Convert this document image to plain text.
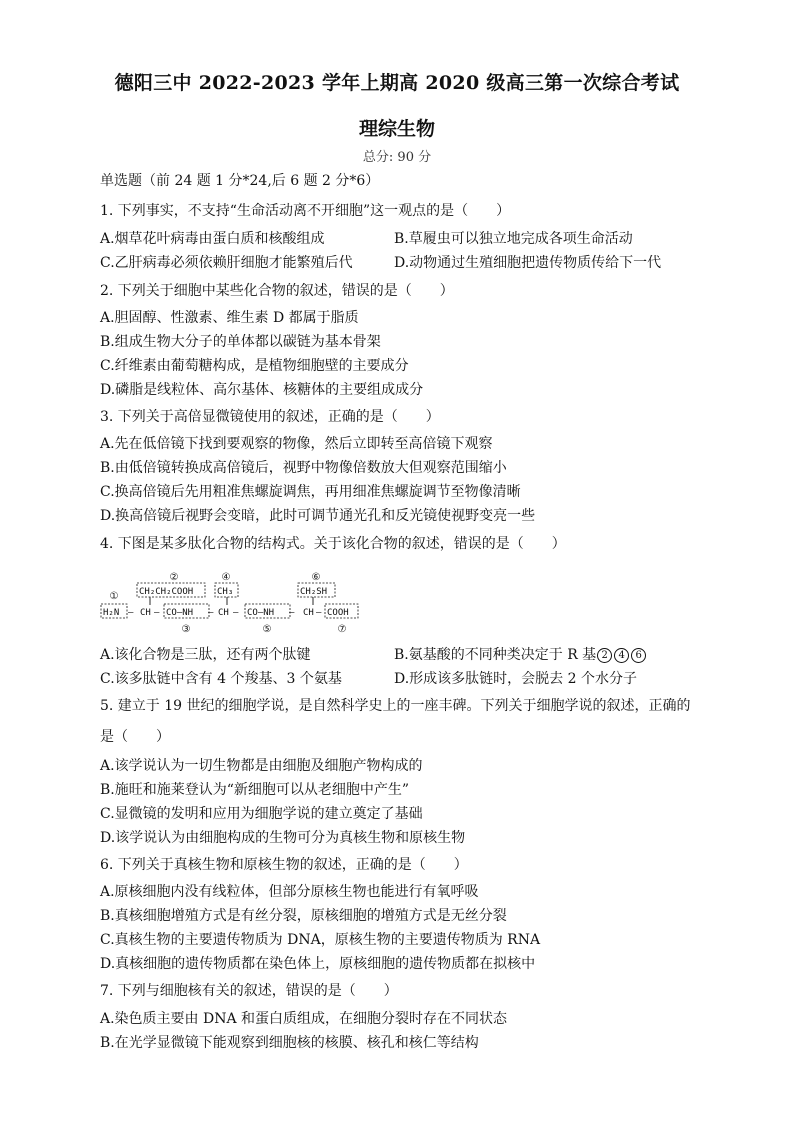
德阳三中 2022-2023 学年上期高 2020 级高三第一次综合考试
理综生物
总分: 90 分
单选题（前 24 题 1 分*24,后 6 题 2 分*6）
1. 下列事实，不支持“生命活动离不开细胞”这一观点的是（　　）
A.烟草花叶病毒由蛋白质和核酸组成	B.草履虫可以独立地完成各项生命活动
C.乙肝病毒必须依赖肝细胞才能繁殖后代	D.动物通过生殖细胞把遗传物质传给下一代
2. 下列关于细胞中某些化合物的叙述，错误的是（　　）
A.胆固醇、性激素、维生素 D 都属于脂质
B.组成生物大分子的单体都以碳链为基本骨架
C.纤维素由葡萄糖构成，是植物细胞壁的主要成分
D.磷脂是线粒体、高尔基体、核糖体的主要组成成分
3. 下列关于高倍显微镜使用的叙述，正确的是（　　）
A.先在低倍镜下找到要观察的物像，然后立即转至高倍镜下观察
B.由低倍镜转换成高倍镜后，视野中物像倍数放大但观察范围缩小
C.换高倍镜后先用粗准焦螺旋调焦，再用细准焦螺旋调节至物像清晰
D.换高倍镜后视野会变暗，此时可调节通光孔和反光镜使视野变亮一些
4. 下图是某多肽化合物的结构式。关于该化合物的叙述，错误的是（　　）
①
②
③
④
⑤
⑥
⑦
CH₂CH₂COOH	CH₃	CH₂SH
H₂N — CH — CO—NH — CH — CO—NH — CH — COOH
A.该化合物是三肽，还有两个肽键	B.氨基酸的不同种类决定于 R 基 2 4 6
C.该多肽链中含有 4 个羧基、3 个氨基	D.形成该多肽链时，会脱去 2 个水分子
5. 建立于 19 世纪的细胞学说，是自然科学史上的一座丰碑。下列关于细胞学说的叙述，正确的
是（　　）
A.该学说认为一切生物都是由细胞及细胞产物构成的
B.施旺和施莱登认为“新细胞可以从老细胞中产生”
C.显微镜的发明和应用为细胞学说的建立奠定了基础
D.该学说认为由细胞构成的生物可分为真核生物和原核生物
6. 下列关于真核生物和原核生物的叙述，正确的是（　　）
A.原核细胞内没有线粒体，但部分原核生物也能进行有氧呼吸
B.真核细胞增殖方式是有丝分裂，原核细胞的增殖方式是无丝分裂
C.真核生物的主要遗传物质为 DNA，原核生物的主要遗传物质为 RNA
D.真核细胞的遗传物质都在染色体上，原核细胞的遗传物质都在拟核中
7. 下列与细胞核有关的叙述，错误的是（　　）
A.染色质主要由 DNA 和蛋白质组成，在细胞分裂时存在不同状态
B.在光学显微镜下能观察到细胞核的核膜、核孔和核仁等结构
